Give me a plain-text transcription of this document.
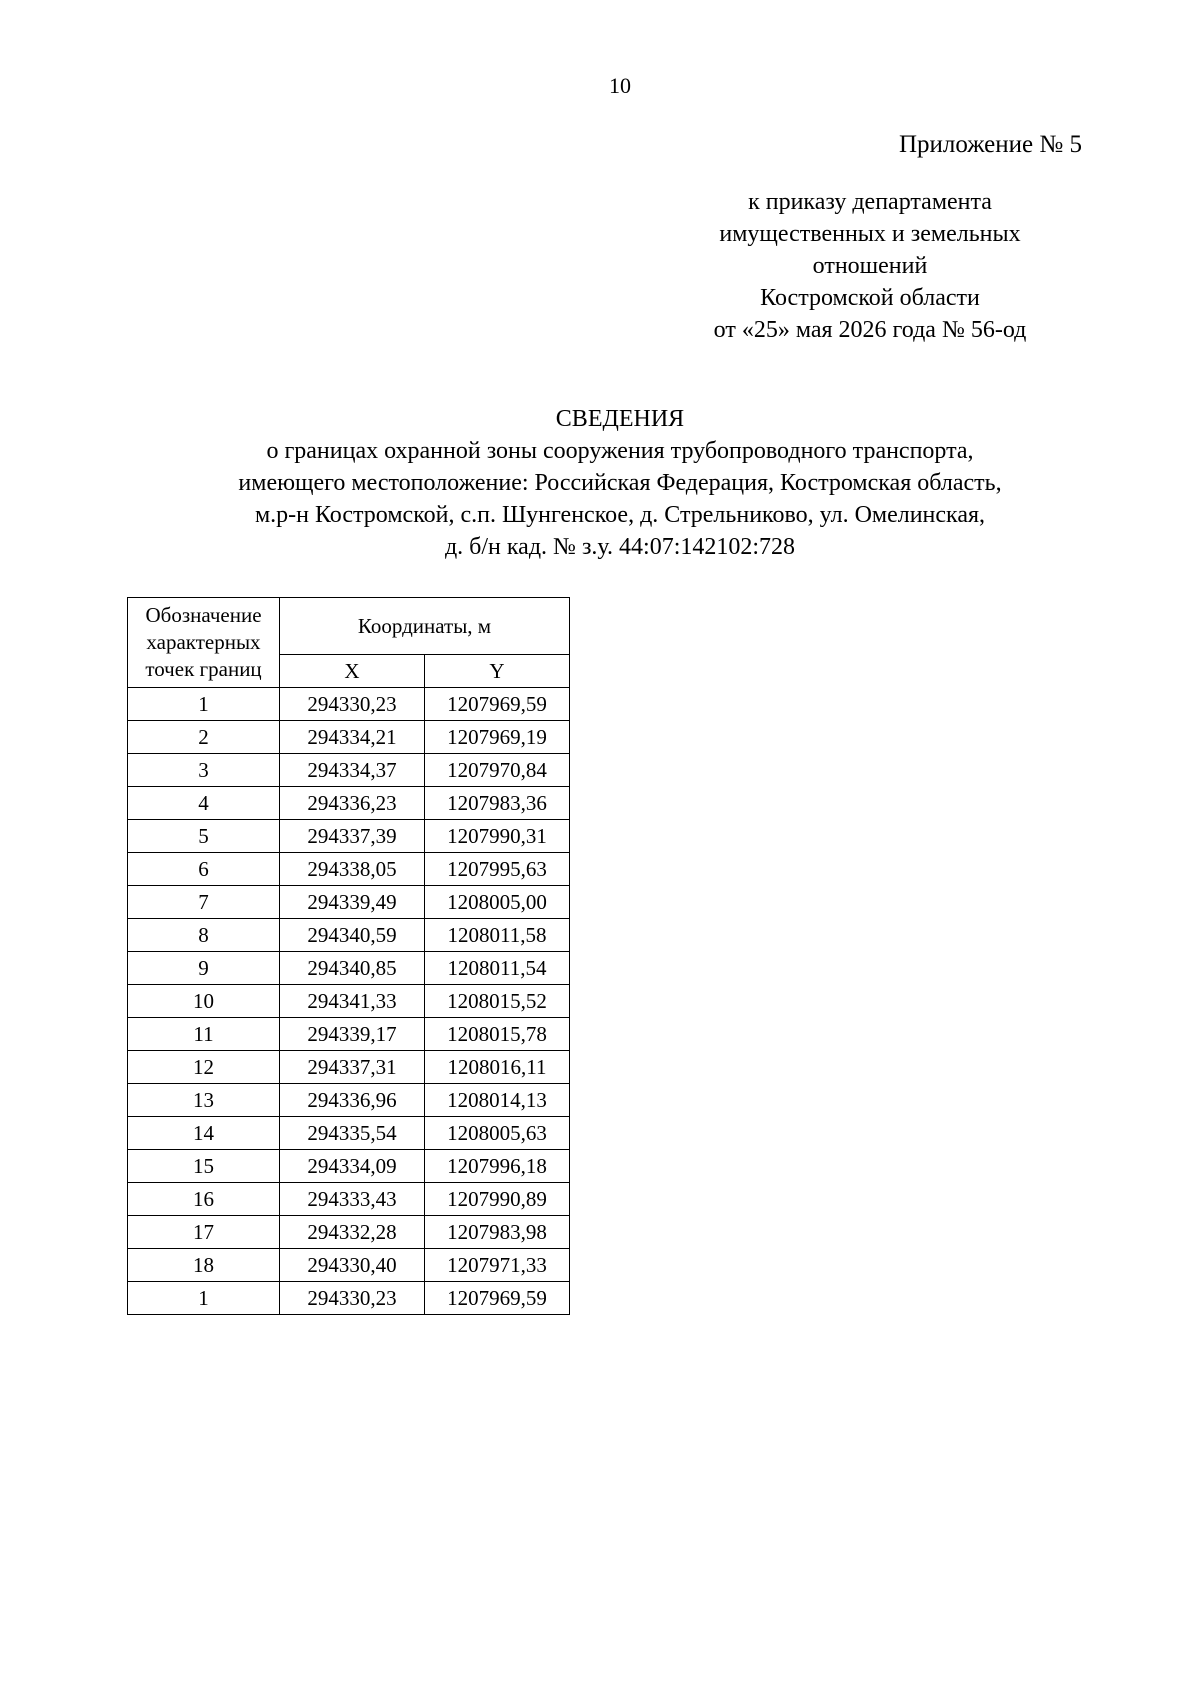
10
Приложение № 5
к приказу департамента
имущественных и земельных
отношений
Костромской области
от «25» мая 2026 года № 56-од
СВЕДЕНИЯ
о границах охранной зоны сооружения трубопроводного транспорта,
имеющего местоположение: Российская Федерация, Костромская область,
м.р-н Костромской, с.п. Шунгенское, д. Стрельниково, ул. Омелинская,
д. б/н кад. № з.у. 44:07:142102:728
Обозначение
характерных
точек границ	Координаты, м	
	X	Y
1	294330,23	1207969,59
2	294334,21	1207969,19
3	294334,37	1207970,84
4	294336,23	1207983,36
5	294337,39	1207990,31
6	294338,05	1207995,63
7	294339,49	1208005,00
8	294340,59	1208011,58
9	294340,85	1208011,54
10	294341,33	1208015,52
11	294339,17	1208015,78
12	294337,31	1208016,11
13	294336,96	1208014,13
14	294335,54	1208005,63
15	294334,09	1207996,18
16	294333,43	1207990,89
17	294332,28	1207983,98
18	294330,40	1207971,33
1	294330,23	1207969,59
